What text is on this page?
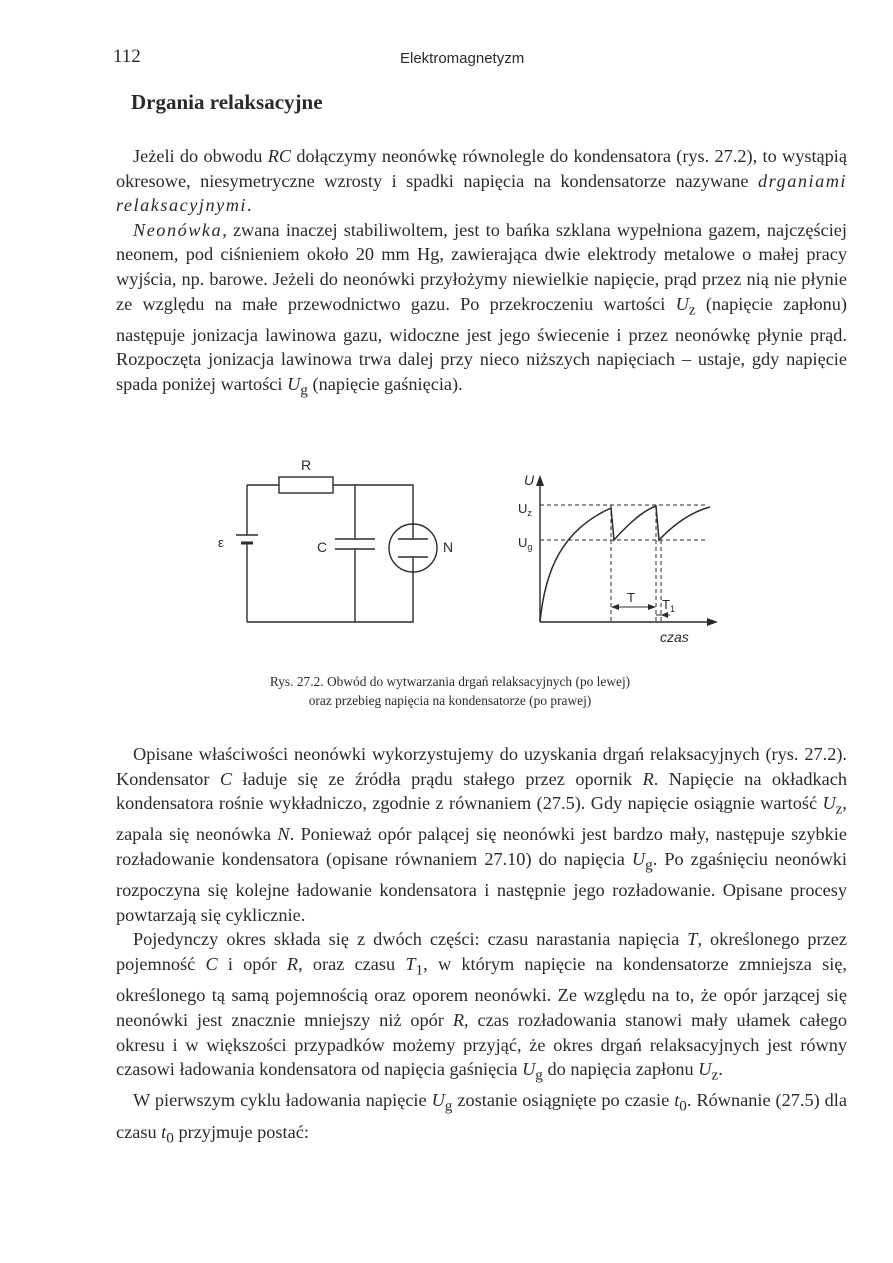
112	Elektromagnetyzm
Drgania relaksacyjne

Jeżeli do obwodu RC dołączymy neonówkę równolegle do kondensatora (rys. 27.2), to wystąpią okresowe, niesymetryczne wzrosty i spadki napięcia na kondensatorze nazywane drganiami relaksacyjnymi.

Neonówka, zwana inaczej stabiliwoltem, jest to bańka szklana wypełniona gazem, najczęściej neonem, pod ciśnieniem około 20 mm Hg, zawierająca dwie elektrody metalowe o małej pracy wyjścia, np. barowe. Jeżeli do neonówki przyłożymy niewielkie napięcie, prąd przez nią nie płynie ze względu na małe przewodnictwo gazu. Po przekroczeniu wartości $U_z$ (napięcie zapłonu) następuje jonizacja lawinowa gazu, widoczne jest jego świecenie i przez neonówkę płynie prąd. Rozpoczęta jonizacja lawinowa trwa dalej przy nieco niższych napięciach – ustaje, gdy napięcie spada poniżej wartości $U_g$ (napięcie gaśnięcia).

R
ε	C	N
U
$U_z$
$U_g$
T $T_1$
czas
Rys. 27.2. Obwód do wytwarzania drgań relaksacyjnych (po lewej)
oraz przebieg napięcia na kondensatorze (po prawej)

Opisane właściwości neonówki wykorzystujemy do uzyskania drgań relaksacyjnych (rys. 27.2). Kondensator C ładuje się ze źródła prądu stałego przez opornik R. Napięcie na okładkach kondensatora rośnie wykładniczo, zgodnie z równaniem (27.5). Gdy napięcie osiągnie wartość $U_z$, zapala się neonówka N. Ponieważ opór palącej się neonówki jest bardzo mały, następuje szybkie rozładowanie kondensatora (opisane równaniem 27.10) do napięcia $U_g$. Po zgaśnięciu neonówki rozpoczyna się kolejne ładowanie kondensatora i następnie jego rozładowanie. Opisane procesy powtarzają się cyklicznie.

Pojedynczy okres składa się z dwóch części: czasu narastania napięcia T, określonego przez pojemność C i opór R, oraz czasu $T_1$, w którym napięcie na kondensatorze zmniejsza się, określonego tą samą pojemnością oraz oporem neonówki. Ze względu na to, że opór jarzącej się neonówki jest znacznie mniejszy niż opór R, czas rozładowania stanowi mały ułamek całego okresu i w większości przypadków możemy przyjąć, że okres drgań relaksacyjnych jest równy czasowi ładowania kondensatora od napięcia gaśnięcia $U_g$ do napięcia zapłonu $U_z$.

W pierwszym cyklu ładowania napięcie $U_g$ zostanie osiągnięte po czasie $t_0$. Równanie (27.5) dla czasu $t_0$ przyjmuje postać:
